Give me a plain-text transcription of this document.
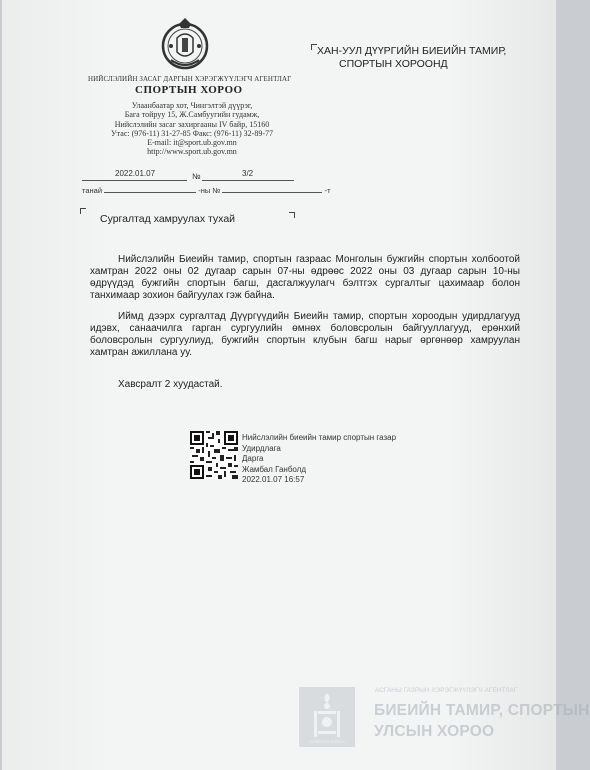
НИЙСЛЭЛИЙН ЗАСАГ ДАРГЫН ХЭРЭГЖҮҮЛЭГЧ АГЕНТЛАГ
СПОРТЫН ХОРОО
Улаанбаатар хот, Чингэлтэй дүүрэг,
Бага тойруу 15, Ж.Самбуугийн гудамж,
Нийслэлийн засаг захиргааны IV байр, 15160
Утас: (976-11) 31-27-85 Факс: (976-11) 32-89-77
E-mail: it@sport.ub.gov.mn
http://www.sport.ub.gov.mn
ХАН-УУЛ ДҮҮРГИЙН БИЕИЙН ТАМИР,
СПОРТЫН ХОРООНД
2022.01.07	№	3/2
танай	-ны №	-т
Сургалтад хамруулах тухай
Нийслэлийн Биеийн тамир, спортын газраас Монголын бужгийн спортын холбоотой хамтран 2022 оны 02 дугаар сарын 07-ны өдрөөс 2022 оны 03 дугаар сарын 10-ны өдрүүдэд бужгийн спортын багш, дасгалжуулагч бэлтгэх сургалтыг цахимаар болон танхимаар зохион байгуулах гэж байна.
Иймд дээрх сургалтад Дүүргүүдийн Биеийн тамир, спортын хороодын удирдлагууд идэвх, санаачилга гарган сургуулийн өмнөх боловсролын байгууллагууд, ерөнхий боловсролын сургуулиуд, бужгийн спортын клубын багш нарыг өргөнөөр хамруулан хамтран ажиллана уу.
Хавсралт 2 хуудастай.
Нийслэлийн биеийн тамир спортын газар
Удирдлага
Дарга
Жамбал Ганболд
2022.01.07 16:57
СПОРТЫН ХОРОО
АСГАНЫ ГАЗРЫН ХЭРЭГЖҮҮЛЭГЧ АГЕНТЛАГ
БИЕИЙН ТАМИР, СПОРТЫН
УЛСЫН ХОРОО
